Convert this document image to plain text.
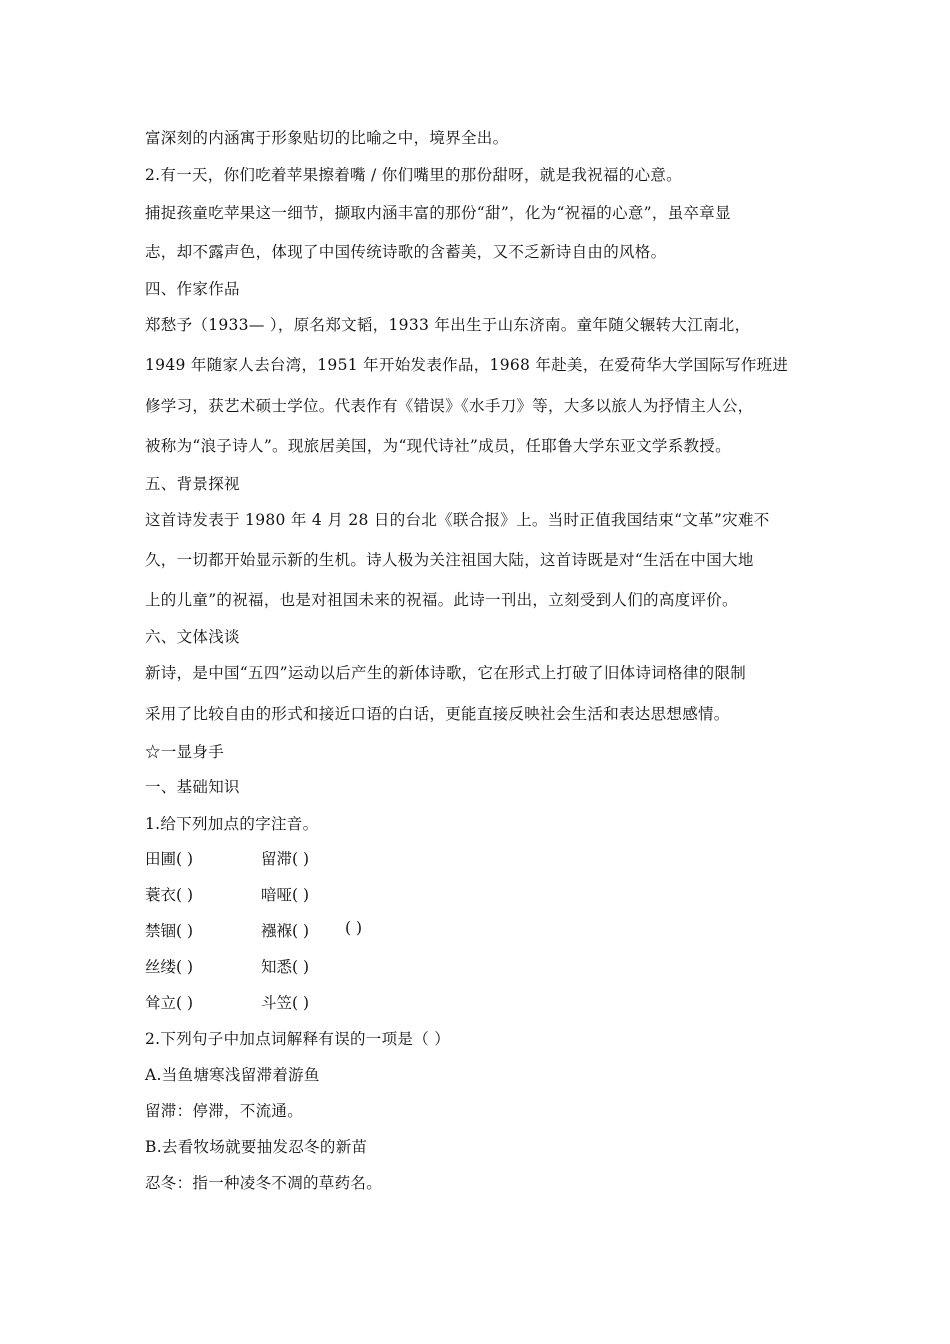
富深刻的内涵寓于形象贴切的比喻之中，境界全出。
2.有一天，你们吃着苹果擦着嘴 / 你们嘴里的那份甜呀，就是我祝福的心意。
捕捉孩童吃苹果这一细节，撷取内涵丰富的那份“甜”，化为“祝福的心意”，虽卒章显
志，却不露声色，体现了中国传统诗歌的含蓄美，又不乏新诗自由的风格。
四、作家作品
郑愁予（1933— ），原名郑文韬，1933 年出生于山东济南。童年随父辗转大江南北，
1949 年随家人去台湾，1951 年开始发表作品，1968 年赴美，在爱荷华大学国际写作班进
修学习，获艺术硕士学位。代表作有《错误》《水手刀》等，大多以旅人为抒情主人公，
被称为“浪子诗人”。现旅居美国，为“现代诗社”成员，任耶鲁大学东亚文学系教授。
五、背景探视
这首诗发表于 1980 年 4 月 28 日的台北《联合报》上。当时正值我国结束“文革”灾难不
久，一切都开始显示新的生机。诗人极为关注祖国大陆，这首诗既是对“生活在中国大地
上的儿童”的祝福，也是对祖国未来的祝福。此诗一刊出，立刻受到人们的高度评价。
六、文体浅谈
新诗，是中国“五四”运动以后产生的新体诗歌，它在形式上打破了旧体诗词格律的限制
采用了比较自由的形式和接近口语的白话，更能直接反映社会生活和表达思想感情。
☆一显身手
一、基础知识
1.给下列加点的字注音。
田圃( )	留滞( )
蓑衣( )	喑哑( )
禁锢( )	襁褓( ) ( )
丝缕( )	知悉( )
耸立( )	斗笠( )
2.下列句子中加点词解释有误的一项是（ ）
A.当鱼塘寒浅留滞着游鱼
留滞：停滞，不流通。
B.去看牧场就要抽发忍冬的新苗
忍冬：指一种凌冬不凋的草药名。
